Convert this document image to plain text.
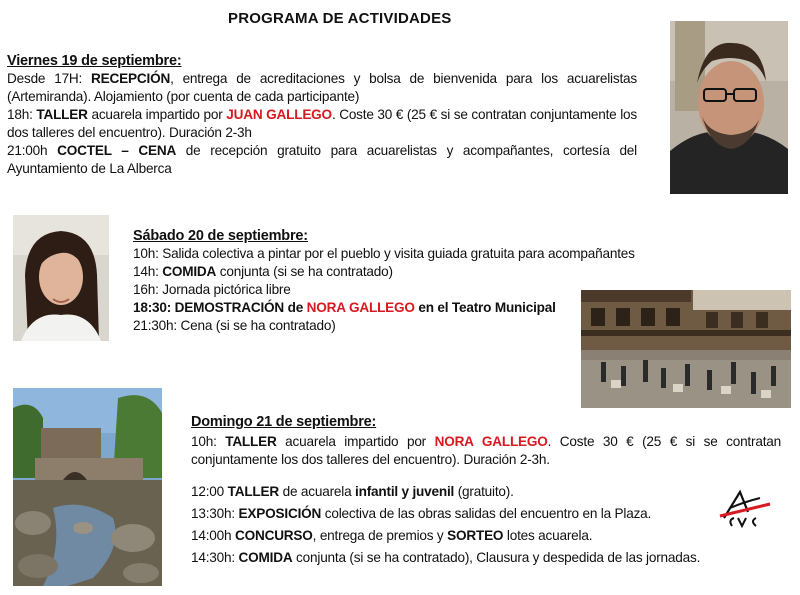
PROGRAMA DE ACTIVIDADES

Viernes 19 de septiembre:

Desde 17H: RECEPCIÓN, entrega de acreditaciones y bolsa de bienvenida para los acuarelistas (Artemiranda). Alojamiento (por cuenta de cada participante)

18h: TALLER acuarela impartido por JUAN GALLEGO. Coste 30 € (25 € si se contratan conjuntamente los dos talleres del encuentro). Duración 2-3h

21:00h COCTEL – CENA de recepción gratuito para acuarelistas y acompañantes, cortesía del Ayuntamiento de La Alberca

Sábado 20 de septiembre:

10h: Salida colectiva a pintar por el pueblo y visita guiada gratuita para acompañantes

14h: COMIDA conjunta (si se ha contratado)

16h: Jornada pictórica libre

18:30: DEMOSTRACIÓN de NORA GALLEGO en el Teatro Municipal

21:30h: Cena (si se ha contratado)

Domingo 21 de septiembre:

10h: TALLER acuarela impartido por NORA GALLEGO. Coste 30 € (25 € si se contratan conjuntamente los dos talleres del encuentro). Duración 2-3h.

12:00 TALLER de acuarela infantil y juvenil (gratuito).

13:30h: EXPOSICIÓN colectiva de las obras salidas del encuentro en la Plaza.

14:00h CONCURSO, entrega de premios y SORTEO lotes acuarela.

14:30h: COMIDA conjunta (si se ha contratado), Clausura y despedida de las jornadas.
